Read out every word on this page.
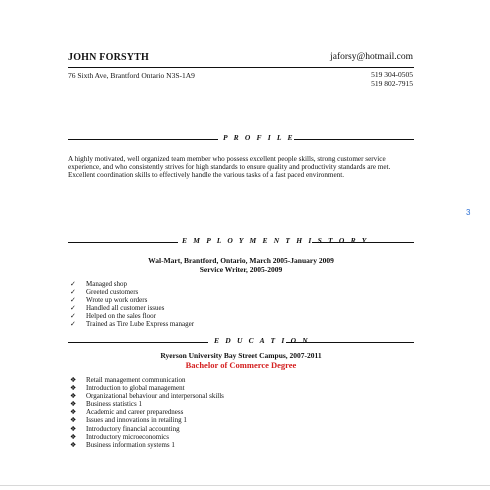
JOHN FORSYTH	jaforsy@hotmail.com
76 Sixth Ave, Brantford Ontario N3S-1A9	519 304-0505
519 802-7915
P R O F I L E
A highly motivated, well organized team member who possess excellent people skills, strong customer service experience, and who consistently strives for high standards to ensure quality and productivity standards are met. Excellent coordination skills to effectively handle the various tasks of a fast paced environment.
E M P L O Y M E N T H I S T O R Y
Wal-Mart, Brantford, Ontario, March 2005-January 2009
Service Writer, 2005-2009
✓ Managed shop
✓ Greeted customers
✓ Wrote up work orders
✓ Handled all customer issues
✓ Helped on the sales floor
✓ Trained as Tire Lube Express manager
E D U C A T I O N
Ryerson University Bay Street Campus, 2007-2011
Bachelor of Commerce Degree
❖ Retail management communication
❖ Introduction to global management
❖ Organizational behaviour and interpersonal skills
❖ Business statistics 1
❖ Academic and career preparedness
❖ Issues and innovations in retailing 1
❖ Introductory financial accounting
❖ Introductory microeconomics
❖ Business information systems 1
3
